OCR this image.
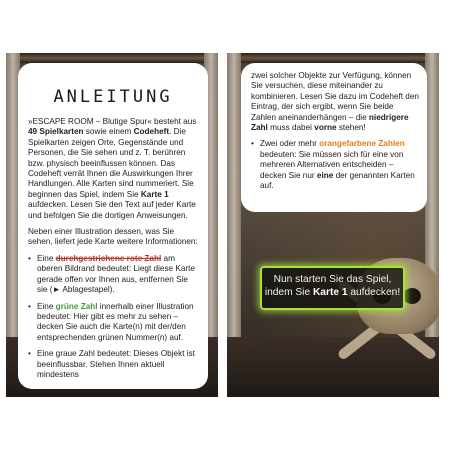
ANLEITUNG

»ESCAPE ROOM – Blutige Spur« besteht aus 49 Spielkarten sowie einem Codeheft. Die Spielkarten zeigen Orte, Gegenstände und Personen, die Sie sehen und z. T. berühren bzw. physisch beeinflussen können. Das Codeheft verrät Ihnen die Auswirkungen Ihrer Handlungen. Alle Karten sind nummeriert. Sie beginnen das Spiel, indem Sie Karte 1 aufdecken. Lesen Sie den Text auf jeder Karte und befolgen Sie die dortigen Anweisungen.

Neben einer Illustration dessen, was Sie sehen, liefert jede Karte weitere Informationen:

• Eine durchgestrichene rote Zahl am oberen Bildrand bedeutet: Liegt diese Karte gerade offen vor Ihnen aus, entfernen Sie sie (► Ablagestapel).
• Eine grüne Zahl innerhalb einer Illustration bedeutet: Hier gibt es mehr zu sehen – decken Sie auch die Karte(n) mit der/den entsprechenden grünen Nummer(n) auf.
• Eine graue Zahl bedeutet: Dieses Objekt ist beeinflussbar. Stehen Ihnen aktuell mindestens

zwei solcher Objekte zur Verfügung, können Sie versuchen, diese miteinander zu kombinieren. Lesen Sie dazu im Codeheft den Eintrag, der sich ergibt, wenn Sie beide Zahlen aneinanderhängen – die niedrigere Zahl muss dabei vorne stehen!

• Zwei oder mehr orangefarbene Zahlen bedeuten: Sie müssen sich für eine von mehreren Alternativen entscheiden – decken Sie nur eine der genannten Karten auf.
Nun starten Sie das Spiel,
indem Sie Karte 1 aufdecken!
